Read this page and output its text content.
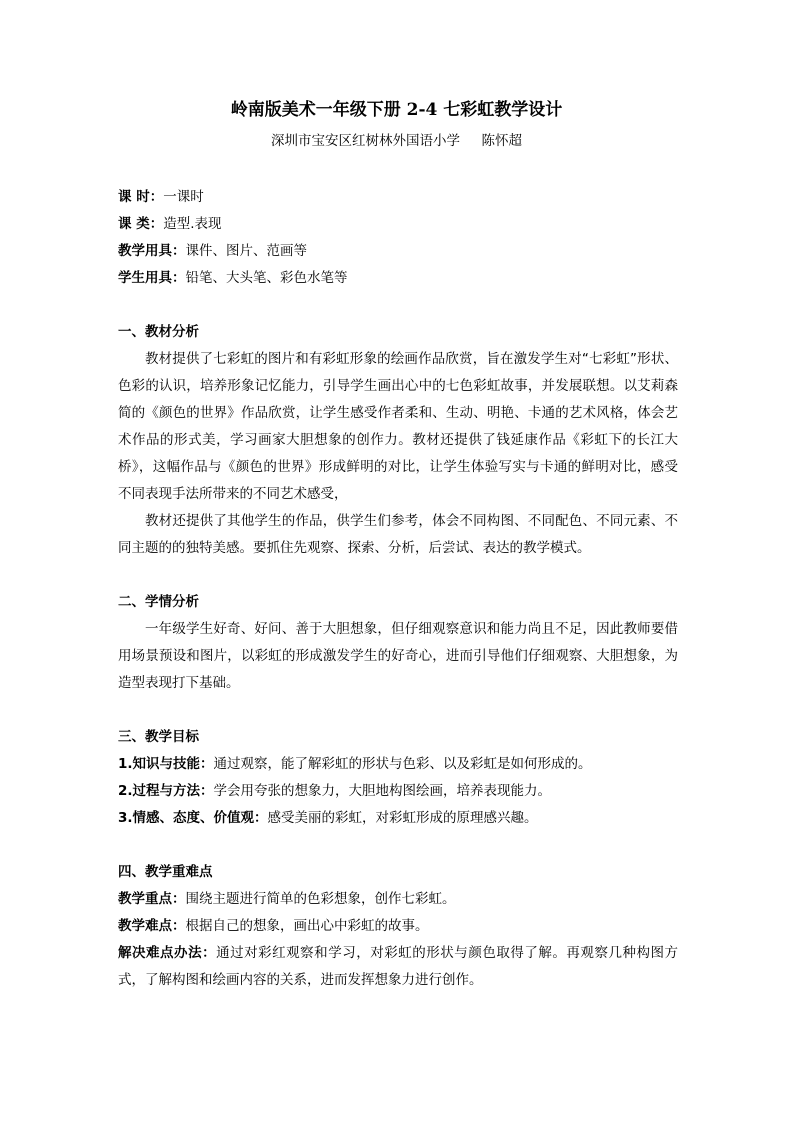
岭南版美术一年级下册 2-4 七彩虹教学设计
深圳市宝安区红树林外国语小学     陈怀超
课 时：一课时
课 类：造型.表现
教学用具：课件、图片、范画等
学生用具：铅笔、大头笔、彩色水笔等
一、教材分析

教材提供了七彩虹的图片和有彩虹形象的绘画作品欣赏，旨在激发学生对“七彩虹”形状、色彩的认识，培养形象记忆能力，引导学生画出心中的七色彩虹故事，并发展联想。以艾莉森 简的《颜色的世界》作品欣赏，让学生感受作者柔和、生动、明艳、卡通的艺术风格，体会艺术作品的形式美，学习画家大胆想象的创作力。教材还提供了钱延康作品《彩虹下的长江大桥》，这幅作品与《颜色的世界》形成鲜明的对比，让学生体验写实与卡通的鲜明对比，感受不同表现手法所带来的不同艺术感受，

教材还提供了其他学生的作品，供学生们参考，体会不同构图、不同配色、不同元素、不同主题的的独特美感。要抓住先观察、探索、分析，后尝试、表达的教学模式。

二、学情分析

一年级学生好奇、好问、善于大胆想象，但仔细观察意识和能力尚且不足，因此教师要借用场景预设和图片，以彩虹的形成激发学生的好奇心，进而引导他们仔细观察、大胆想象，为造型表现打下基础。

三、教学目标
1.知识与技能：通过观察，能了解彩虹的形状与色彩、以及彩虹是如何形成的。
2.过程与方法：学会用夸张的想象力，大胆地构图绘画，培养表现能力。
3.情感、态度、价值观：感受美丽的彩虹，对彩虹形成的原理感兴趣。
四、教学重难点
教学重点：围绕主题进行简单的色彩想象，创作七彩虹。
教学难点：根据自己的想象，画出心中彩虹的故事。

解决难点办法：通过对彩红观察和学习，对彩虹的形状与颜色取得了解。再观察几种构图方式，了解构图和绘画内容的关系，进而发挥想象力进行创作。
